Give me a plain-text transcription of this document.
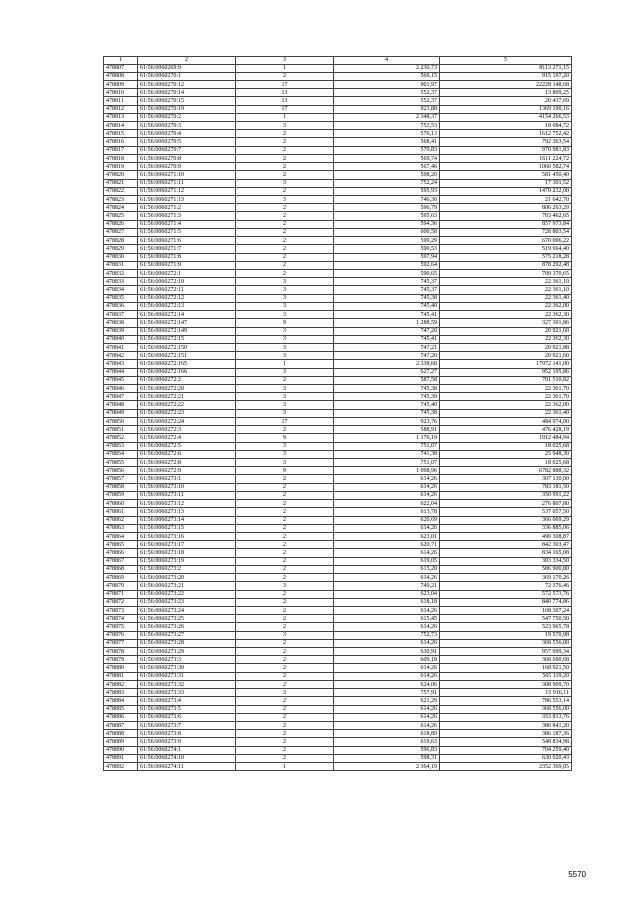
1	2	3	4	5
478807	61:56:0060269:9	1	2 230,73	8113 271,15
478808	61:56:0060270:1	2	569,15	915 197,20
478809	61:56:0060270:12	17	901,97	22228 148,68
478810	61:56:0060270:14	13	552,37	13 809,25
478811	61:56:0060270:15	13	552,37	20 437,69
478812	61:56:0060270:19	17	923,88	1369 190,16
478813	61:56:0060270:2	1	2 348,37	4154 266,53
478814	61:56:0060270:3	3	753,53	18 084,72
478815	61:56:0060270:4	2	576,13	1612 752,42
478816	61:56:0060270:5	2	568,41	792 363,54
478817	61:56:0060270:7	2	570,83	970 981,83
478818	61:56:0060270:8	2	569,74	1611 224,72
478819	61:56:0060270:9	2	567,46	1060 582,74
478820	61:56:0060271:10	2	598,20	581 450,40
478821	61:56:0060271:11	3	752,24	17 301,52
478822	61:56:0060271:12	2	595,93	1470 232,00
478823	61:56:0060271:13	3	746,30	21 642,70
478824	61:56:0060271:2	2	596,79	806 263,29
478825	61:56:0060271:3	2	595,63	703 462,65
478826	61:56:0060271:4	2	594,36	857 973,84
478827	61:56:0060271:5	2	600,58	728 803,54
478828	61:56:0060271:6	2	599,29	670 006,22
478829	61:56:0060271:7	2	590,53	519 664,40
478830	61:56:0060271:8	2	597,94	575 218,28
478831	61:56:0060271:9	2	592,64	878 292,48
478832	61:56:0060272:1	2	590,65	709 370,65
478833	61:56:0060272:10	3	745,37	22 361,10
478834	61:56:0060272:11	3	745,37	22 361,10
478835	61:56:0060272:12	3	745,38	22 361,40
478836	61:56:0060272:13	3	745,40	22 362,00
478837	61:56:0060272:14	3	745,41	22 362,30
478838	61:56:0060272:147	9	1 288,59	327 301,86
478839	61:56:0060272:149	3	747,20	20 921,60
478840	61:56:0060272:15	3	745,41	22 362,30
478841	61:56:0060272:150	3	747,21	20 921,88
478842	61:56:0060272:151	3	747,20	20 921,60
478843	61:56:0060272:165	1	2 338,60	17972 141,00
478844	61:56:0060272:166	3	627,27	952 195,86
478845	61:56:0060272:2	2	587,58	701 510,82
478846	61:56:0060272:20	3	745,38	22 361,70
478847	61:56:0060272:21	3	745,39	22 361,70
478848	61:56:0060272:22	3	745,40	22 362,00
478849	61:56:0060272:23	3	745,38	22 361,40
478850	61:56:0060272:24	17	923,76	484 974,00
478851	61:56:0060272:3	2	588,91	476 428,19
478852	61:56:0060272:4	9	1 176,19	1912 484,94
478853	61:56:0060272:5	3	751,07	18 025,68
478854	61:56:0060272:6	3	741,38	25 948,30
478855	61:56:0060272:8	3	751,07	18 025,68
478856	61:56:0060272:9	9	1 098,96	6782 888,32
478857	61:56:0060273:1	2	614,26	307 130,00
478858	61:56:0060273:10	2	614,26	783 181,50
478859	61:56:0060273:11	2	614,26	350 991,22
478860	61:56:0060273:12	2	622,04	276 807,80
478861	61:56:0060273:13	2	613,78	537 057,50
478862	61:56:0060273:14	2	620,69	366 069,29
478863	61:56:0060273:15	2	614,26	336 885,06
478864	61:56:0060273:16	2	623,01	490 308,87
478865	61:56:0060273:17	2	620,71	842 303,47
478866	61:56:0060273:18	2	614,26	834 165,08
478867	61:56:0060273:19	2	619,05	303 334,50
478868	61:56:0060273:2	2	615,20	586 900,80
478869	61:56:0060273:20	2	614,26	369 170,26
478870	61:56:0060273:21	3	749,21	72 376,46
478871	61:56:0060273:22	2	623,04	572 573,76
478872	61:56:0060273:23	2	618,18	840 774,86
478873	61:56:0060273:24	2	614,26	168 307,24
478874	61:56:0060273:25	2	615,45	547 750,50
478875	61:56:0060273:26	2	614,26	523 965,78
478876	61:56:0060273:27	3	752,73	19 570,98
478877	61:56:0060273:28	2	614,26	368 556,00
478878	61:56:0060273:29	2	630,91	957 999,34
478879	61:56:0060273:3	2	609,18	368 690,68
478880	61:56:0060273:30	2	614,26	168 921,50
478881	61:56:0060273:31	2	614,26	565 119,20
478882	61:56:0060273:32	2	624,06	308 909,70
478883	61:56:0060273:33	3	757,91	15 916,11
478884	61:56:0060273:4	2	621,29	786 553,14
478885	61:56:0060273:5	2	614,26	368 556,00
478886	61:56:0060273:6	2	614,26	353 813,76
478887	61:56:0060273:7	2	614,26	380 841,20
478888	61:56:0060273:8	2	618,89	386 187,36
478889	61:56:0060273:9	2	619,63	548 834,98
478890	61:56:0060274:1	2	596,83	704 259,40
478891	61:56:0060274:10	2	598,31	630 020,43
478892	61:56:0060274:11	1	2 364,19	2352 369,05
5570
